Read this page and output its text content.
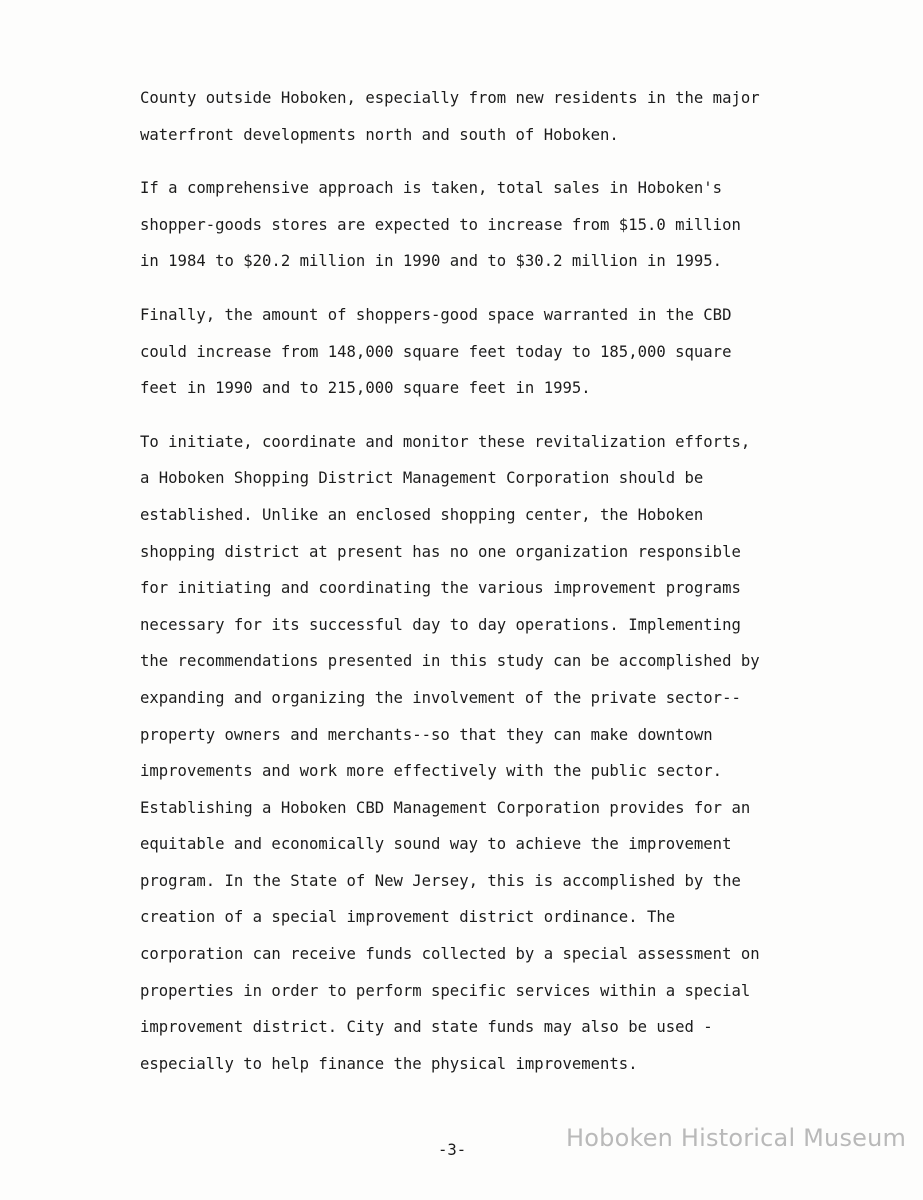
County outside Hoboken, especially from new residents in the major
waterfront developments north and south of Hoboken.

If a comprehensive approach is taken, total sales in Hoboken's
shopper-goods stores are expected to increase from $15.0 million
in 1984 to $20.2 million in 1990 and to $30.2 million in 1995.

Finally, the amount of shoppers-good space warranted in the CBD
could increase from 148,000 square feet today to 185,000 square
feet in 1990 and to 215,000 square feet in 1995.

To initiate, coordinate and monitor these revitalization efforts,
a Hoboken Shopping District Management Corporation should be
established. Unlike an enclosed shopping center, the Hoboken
shopping district at present has no one organization responsible
for initiating and coordinating the various improvement programs
necessary for its successful day to day operations. Implementing
the recommendations presented in this study can be accomplished by
expanding and organizing the involvement of the private sector--
property owners and merchants--so that they can make downtown
improvements and work more effectively with the public sector.
Establishing a Hoboken CBD Management Corporation provides for an
equitable and economically sound way to achieve the improvement
program. In the State of New Jersey, this is accomplished by the
creation of a special improvement district ordinance. The
corporation can receive funds collected by a special assessment on
properties in order to perform specific services within a special
improvement district. City and state funds may also be used -
especially to help finance the physical improvements.

Hoboken Historical Museum
-3-
